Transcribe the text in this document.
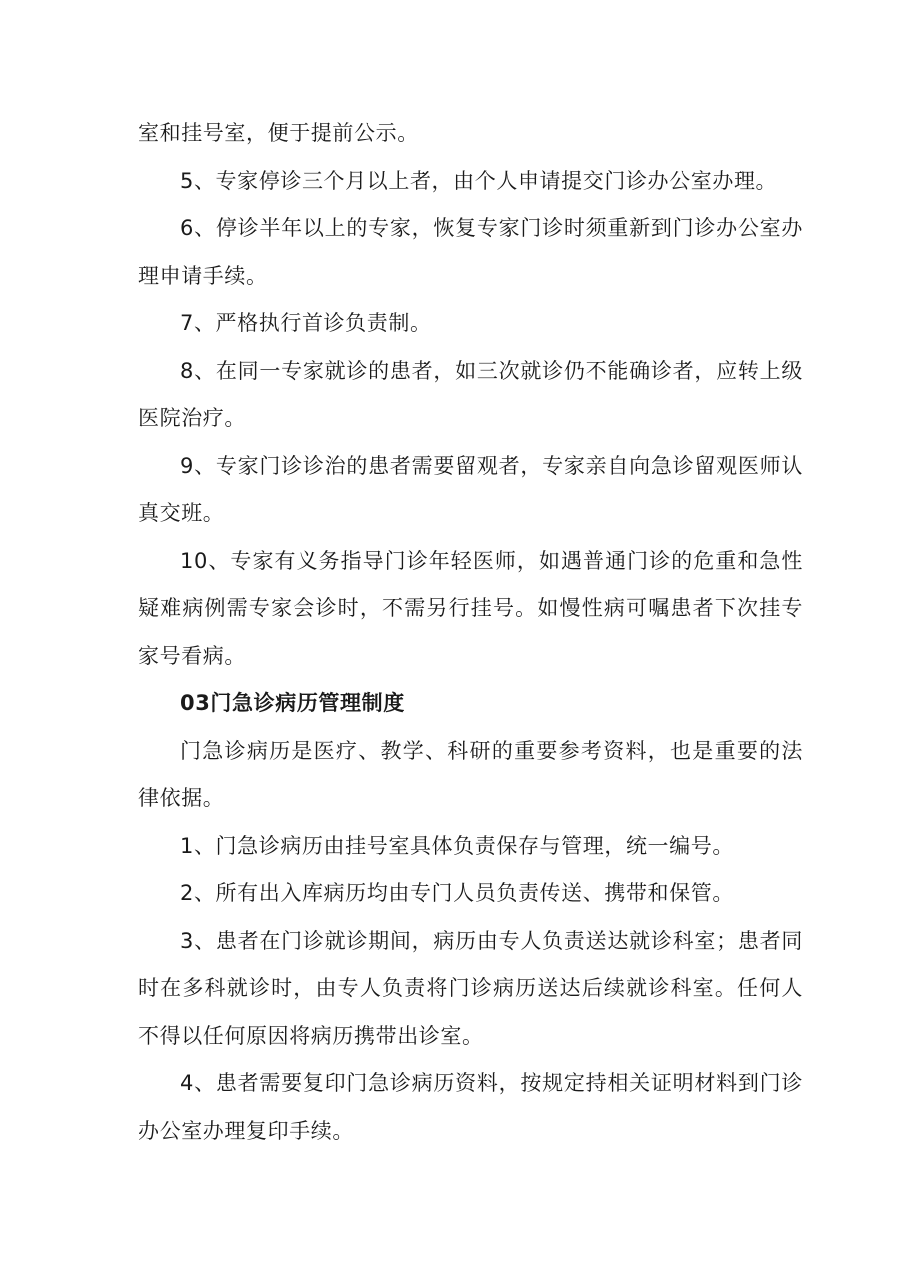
室和挂号室，便于提前公示。

5、专家停诊三个月以上者，由个人申请提交门诊办公室办理。

6、停诊半年以上的专家，恢复专家门诊时须重新到门诊办公室办理申请手续。

7、严格执行首诊负责制。

8、在同一专家就诊的患者，如三次就诊仍不能确诊者，应转上级医院治疗。

9、专家门诊诊治的患者需要留观者，专家亲自向急诊留观医师认真交班。

10、专家有义务指导门诊年轻医师，如遇普通门诊的危重和急性疑难病例需专家会诊时，不需另行挂号。如慢性病可嘱患者下次挂专家号看病。

03门急诊病历管理制度

门急诊病历是医疗、教学、科研的重要参考资料，也是重要的法律依据。

1、门急诊病历由挂号室具体负责保存与管理，统一编号。

2、所有出入库病历均由专门人员负责传送、携带和保管。

3、患者在门诊就诊期间，病历由专人负责送达就诊科室；患者同时在多科就诊时，由专人负责将门诊病历送达后续就诊科室。任何人不得以任何原因将病历携带出诊室。

4、患者需要复印门急诊病历资料，按规定持相关证明材料到门诊办公室办理复印手续。
